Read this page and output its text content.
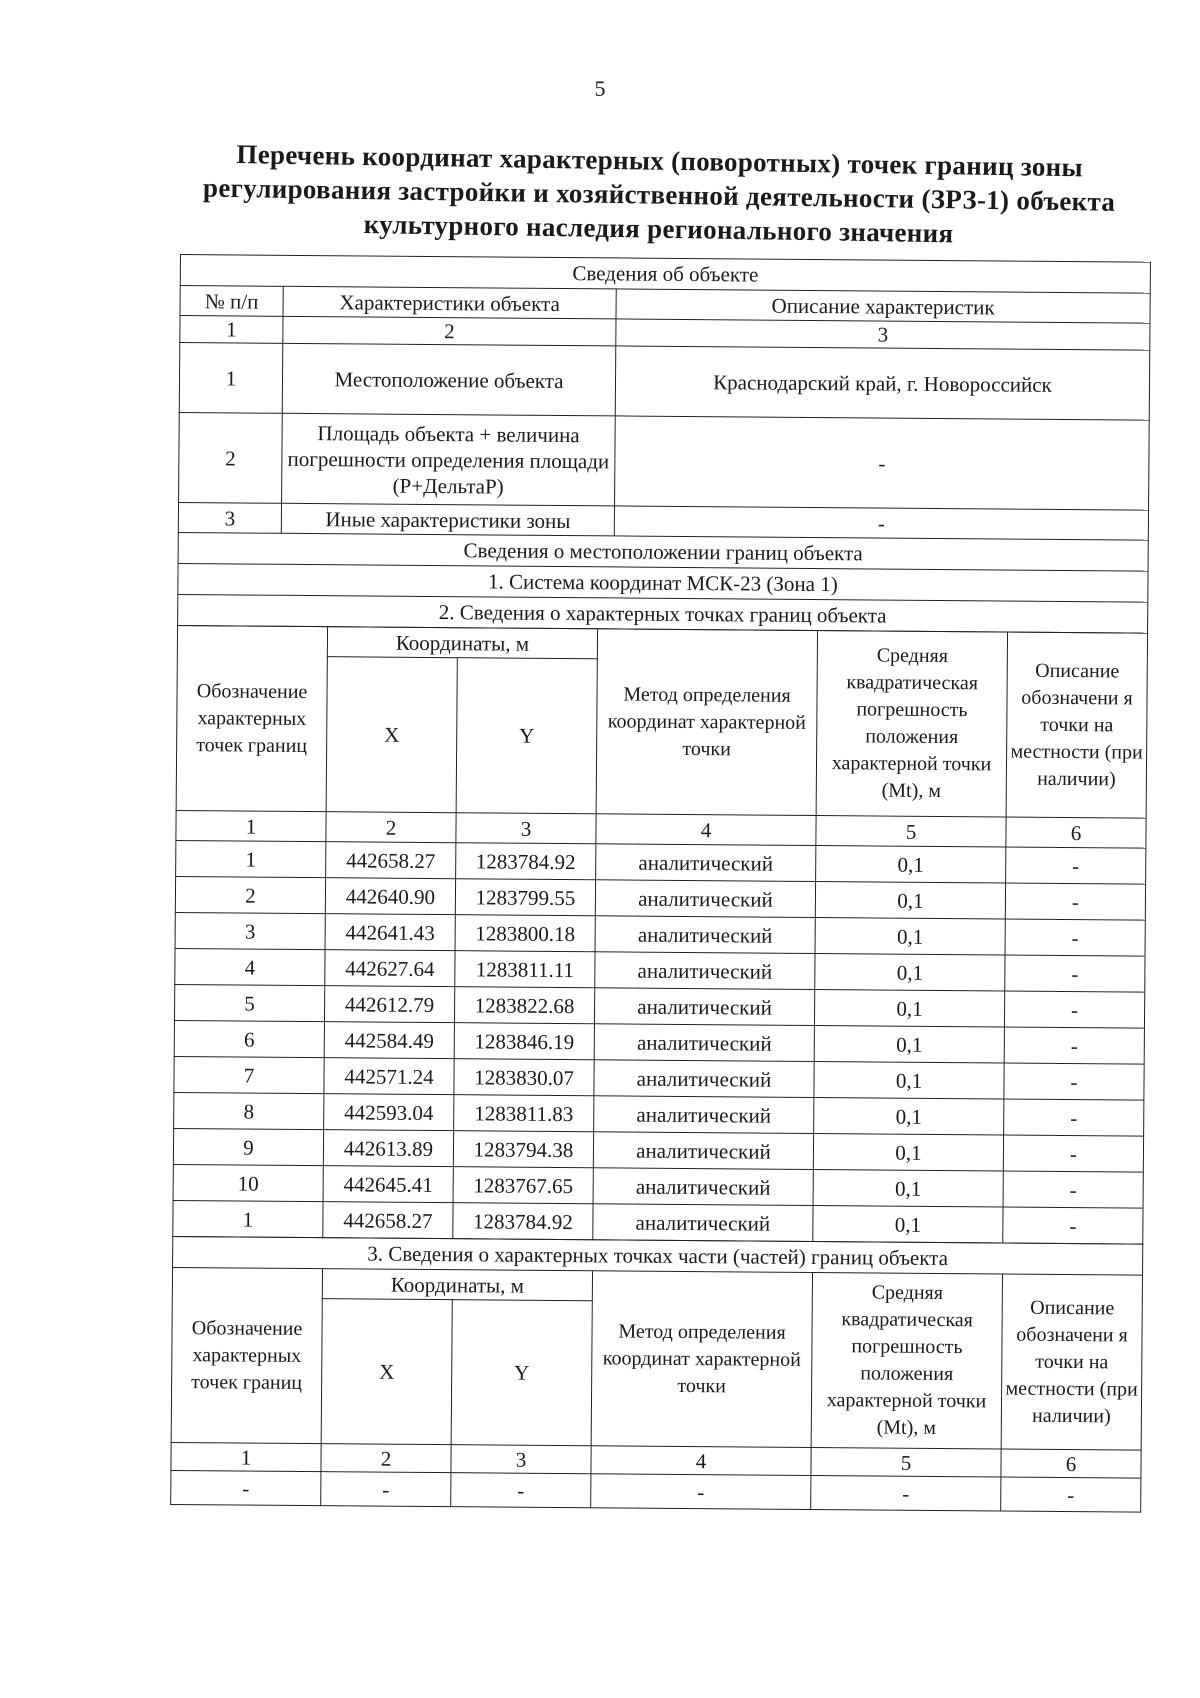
5
Перечень координат характерных (поворотных) точек границ зоны
регулирования застройки и хозяйственной деятельности (ЗРЗ-1) объекта
культурного наследия регионального значения
Сведения об объекте		
№ п/п	Характеристики объекта	Описание характеристик
1	2	3
1	Местоположение объекта	Краснодарский край, г. Новороссийск
2	Площадь объекта + величина погрешности определения площади (Р+ДельтаР)	-
3	Иные характеристики зоны	-
Сведения о местоположении границ объекта		
1. Система координат МСК-23 (Зона 1)		
2. Сведения о характерных точках границ объекта		
Обозначение характерных точек границ	Координаты, м		Метод определения координат характерной точки	Средняя квадратическая погрешность положения характерной точки (Mt), м	Описание обозначени я точки на местности (при наличии)
	X	Y			
1	2	3	4	5	6
1	442658.27	1283784.92	аналитический	0,1	-
2	442640.90	1283799.55	аналитический	0,1	-
3	442641.43	1283800.18	аналитический	0,1	-
4	442627.64	1283811.11	аналитический	0,1	-
5	442612.79	1283822.68	аналитический	0,1	-
6	442584.49	1283846.19	аналитический	0,1	-
7	442571.24	1283830.07	аналитический	0,1	-
8	442593.04	1283811.83	аналитический	0,1	-
9	442613.89	1283794.38	аналитический	0,1	-
10	442645.41	1283767.65	аналитический	0,1	-
1	442658.27	1283784.92	аналитический	0,1	-
3. Сведения о характерных точках части (частей) границ объекта					
Обозначение характерных точек границ	Координаты, м		Метод определения координат характерной точки	Средняя квадратическая погрешность положения характерной точки (Mt), м	Описание обозначени я точки на местности (при наличии)
	X	Y			
1	2	3	4	5	6
-	-	-	-	-	-
